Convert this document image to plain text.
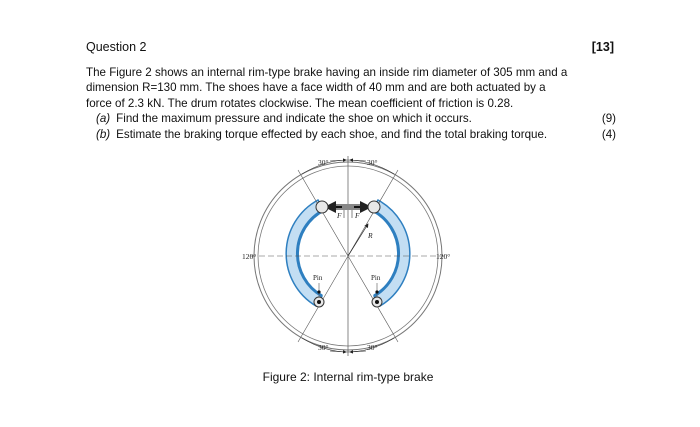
Question 2	[13]

The Figure 2 shows an internal rim-type brake having an inside rim diameter of 305 mm and a

dimension R=130 mm. The shoes have a face width of 40 mm and are both actuated by a

force of 2.3 kN. The drum rotates clockwise. The mean coefficient of friction is 0.28.

(a) Find the maximum pressure and indicate the shoe on which it occurs.	(9)
(b) Estimate the braking torque effected by each shoe, and find the total braking torque.	(4)
30°	30°
30°	30°
120°	120°
F F
R
Pin	Pin
Figure 2: Internal rim-type brake
